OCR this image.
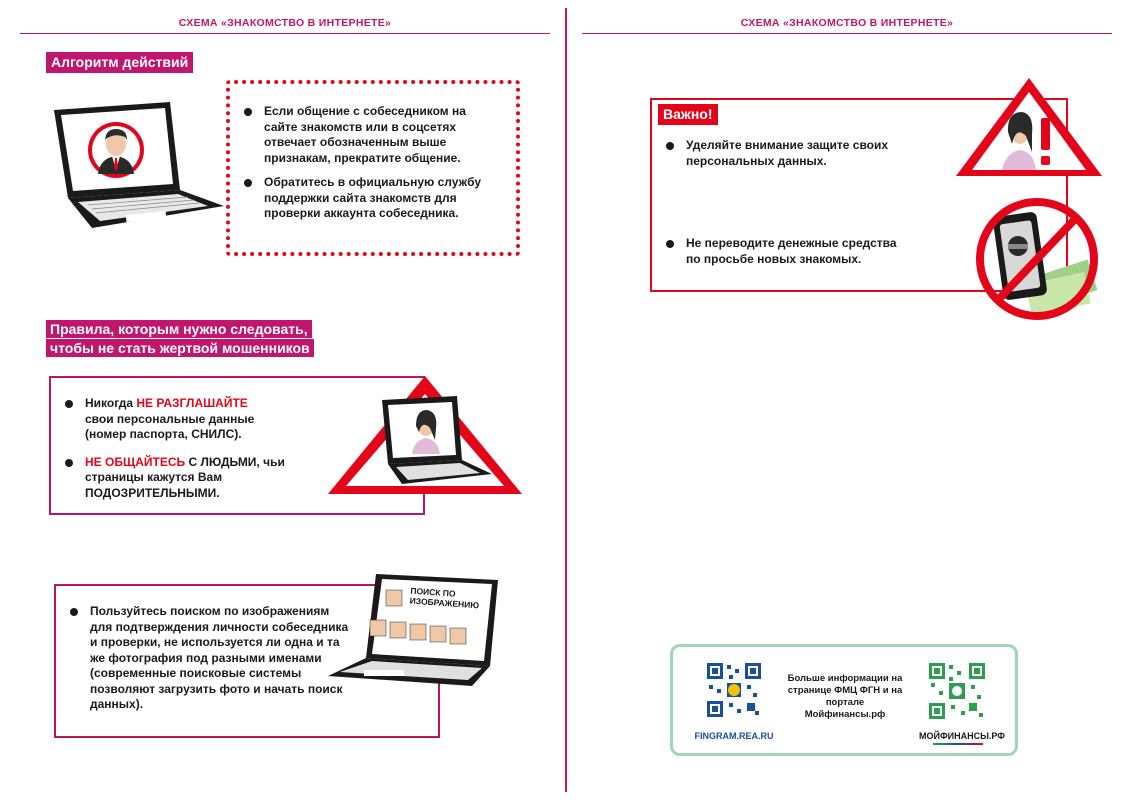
СХЕМА «ЗНАКОМСТВО В ИНТЕРНЕТЕ»
Алгоритм действий
Если общение с собеседником на сайте знакомств или в соцсетях отвечает обозначенным выше признакам, прекратите общение.
Обратитесь в официальную службу поддержки сайта знакомств для проверки аккаунта собеседника.
Правила, которым нужно следовать,
чтобы не стать жертвой мошенников
Никогда НЕ РАЗГЛАШАЙТЕ
свои персональные данные (номер паспорта, СНИЛС).
НЕ ОБЩАЙТЕСЬ С ЛЮДЬМИ, чьи страницы кажутся Вам ПОДОЗРИТЕЛЬНЫМИ.
Пользуйтесь поиском по изображениям для подтверждения личности собеседника и проверки, не используется ли одна и та же фотография под разными именами (современные поисковые системы позволяют загрузить фото и начать поиск данных).
ПОИСК ПО
ИЗОБРАЖЕНИЮ
СХЕМА «ЗНАКОМСТВО В ИНТЕРНЕТЕ»
Важно!
Уделяйте внимание защите своих персональных данных.
Не переводите денежные средства по просьбе новых знакомых.
FINGRAM.REA.RU
Больше информации на странице ФМЦ ФГН и на портале Мойфинансы.рф
МОЙФИНАНСЫ.РФ
